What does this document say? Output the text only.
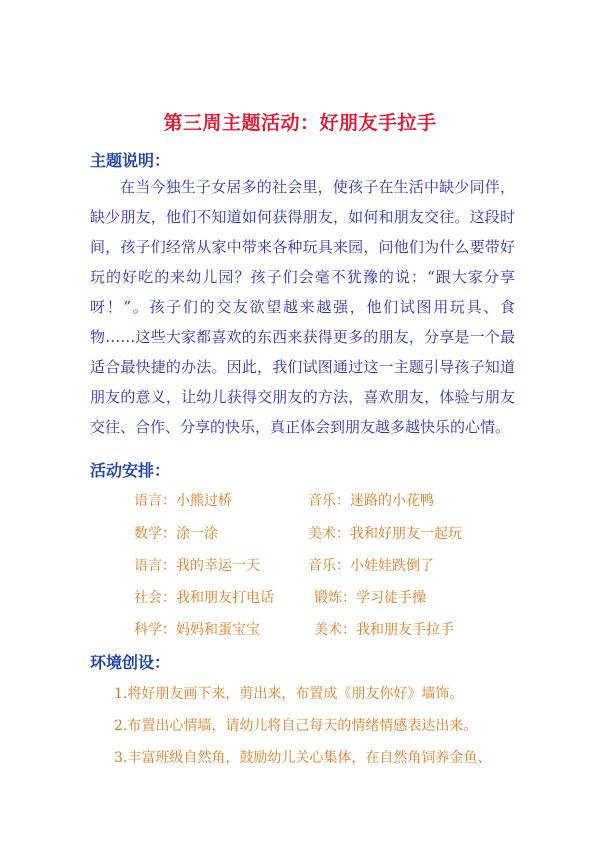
第三周主题活动：好朋友手拉手
主题说明：

在当今独生子女居多的社会里，使孩子在生活中缺少同伴，缺少朋友，他们不知道如何获得朋友，如何和朋友交往。这段时间，孩子们经常从家中带来各种玩具来园，问他们为什么要带好玩的好吃的来幼儿园？孩子们会毫不犹豫的说：“跟大家分享呀！”。孩子们的交友欲望越来越强，他们试图用玩具、食物……这些大家都喜欢的东西来获得更多的朋友，分享是一个最适合最快捷的办法。因此，我们试图通过这一主题引导孩子知道朋友的意义，让幼儿获得交朋友的方法，喜欢朋友，体验与朋友交往、合作、分享的快乐，真正体会到朋友越多越快乐的心情。

活动安排：
语言：小熊过桥	音乐：迷路的小花鸭
数学：涂一涂	美术：我和好朋友一起玩
语言：我的幸运一天	音乐：小娃娃跌倒了
社会：我和朋友打电话	锻炼：学习徒手操
科学：妈妈和蛋宝宝	美术：我和朋友手拉手
环境创设：
1.将好朋友画下来，剪出来，布置成《朋友你好》墙饰。
2.布置出心情墙，请幼儿将自己每天的情绪情感表达出来。
3.丰富班级自然角，鼓励幼儿关心集体，在自然角饲养金鱼、
